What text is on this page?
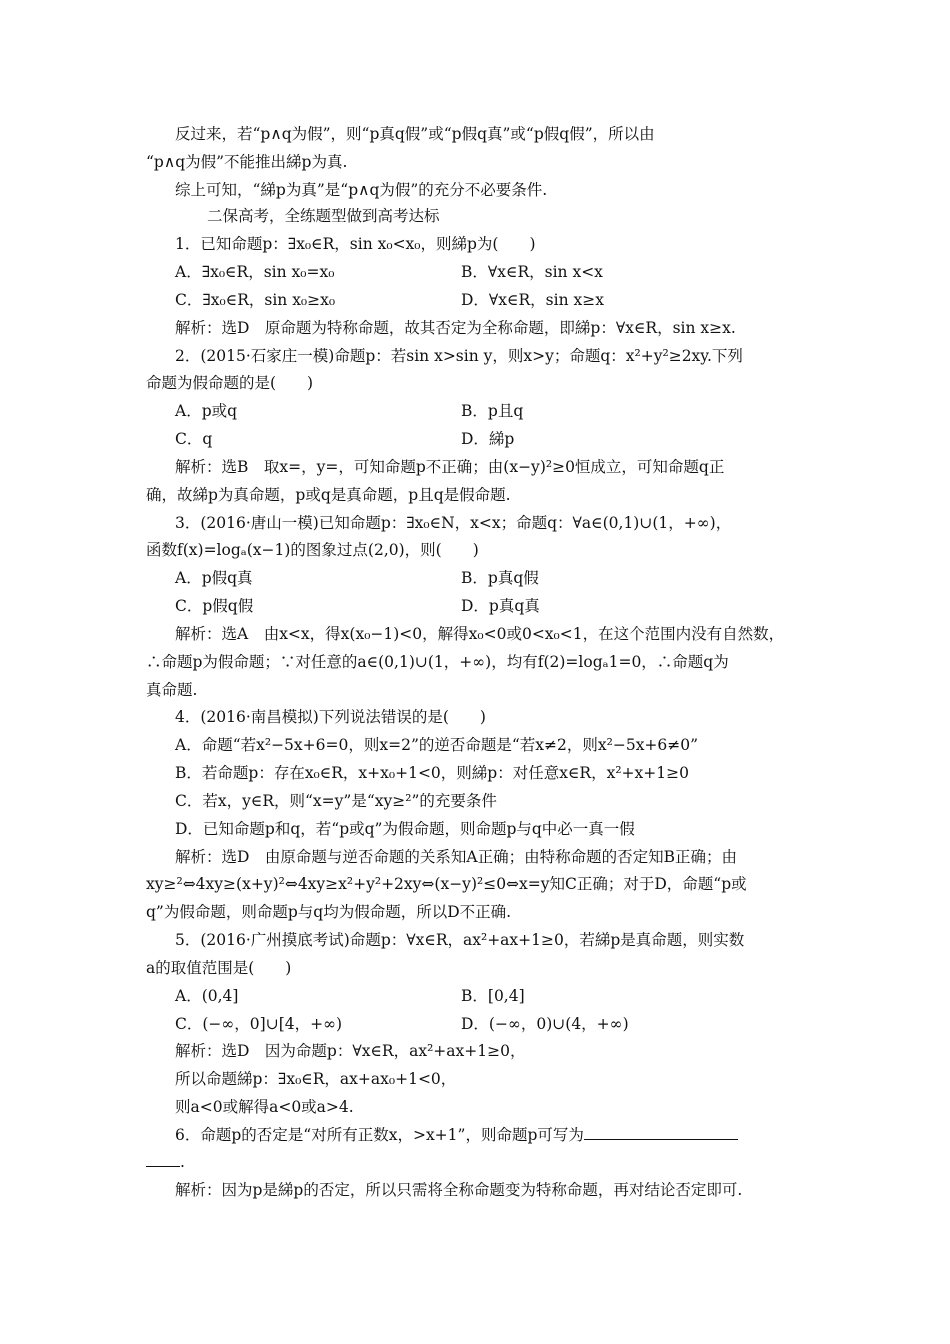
反过来，若“p∧q为假”，则“p真q假”或“p假q真”或“p假q假”，所以由
“p∧q为假”不能推出綈p为真.
综上可知，“綈p为真”是“p∧q为假”的充分不必要条件.
二保高考，全练题型做到高考达标
1．已知命题p：∃x₀∈R，sin x₀<x₀，则綈p为(　　)
A．∃x₀∈R，sin x₀=x₀	B．∀x∈R，sin x<x
C．∃x₀∈R，sin x₀≥x₀	D．∀x∈R，sin x≥x
解析：选D　原命题为特称命题，故其否定为全称命题，即綈p：∀x∈R，sin x≥x.
2．(2015·石家庄一模)命题p：若sin x>sin y，则x>y；命题q：x²+y²≥2xy.下列
命题为假命题的是(　　)
A．p或q	B．p且q
C．q	D．綈p
解析：选B　取x=，y=，可知命题p不正确；由(x−y)²≥0恒成立，可知命题q正
确，故綈p为真命题，p或q是真命题，p且q是假命题.
3．(2016·唐山一模)已知命题p：∃x₀∈N，x<x；命题q：∀a∈(0,1)∪(1，+∞)，
函数f(x)=logₐ(x−1)的图象过点(2,0)，则(　　)
A．p假q真	B．p真q假
C．p假q假	D．p真q真
解析：选A　由x<x，得x(x₀−1)<0，解得x₀<0或0<x₀<1，在这个范围内没有自然数，
∴命题p为假命题；∵对任意的a∈(0,1)∪(1，+∞)，均有f(2)=logₐ1=0，∴命题q为
真命题.
4．(2016·南昌模拟)下列说法错误的是(　　)
A．命题“若x²−5x+6=0，则x=2”的逆否命题是“若x≠2，则x²−5x+6≠0”
B．若命题p：存在x₀∈R，x+x₀+1<0，则綈p：对任意x∈R，x²+x+1≥0
C．若x，y∈R，则“x=y”是“xy≥²”的充要条件
D．已知命题p和q，若“p或q”为假命题，则命题p与q中必一真一假
解析：选D　由原命题与逆否命题的关系知A正确；由特称命题的否定知B正确；由
xy≥²⇔4xy≥(x+y)²⇔4xy≥x²+y²+2xy⇔(x−y)²≤0⇔x=y知C正确；对于D，命题“p或
q”为假命题，则命题p与q均为假命题，所以D不正确.
5．(2016·广州摸底考试)命题p：∀x∈R，ax²+ax+1≥0，若綈p是真命题，则实数
a的取值范围是(　　)
A．(0,4]	B．[0,4]
C．(−∞，0]∪[4，+∞)	D．(−∞，0)∪(4，+∞)
解析：选D　因为命题p：∀x∈R，ax²+ax+1≥0，
所以命题綈p：∃x₀∈R，ax+ax₀+1<0，
则a<0或解得a<0或a>4.
6．命题p的否定是“对所有正数x，>x+1”，则命题p可写为
.
解析：因为p是綈p的否定，所以只需将全称命题变为特称命题，再对结论否定即可.
